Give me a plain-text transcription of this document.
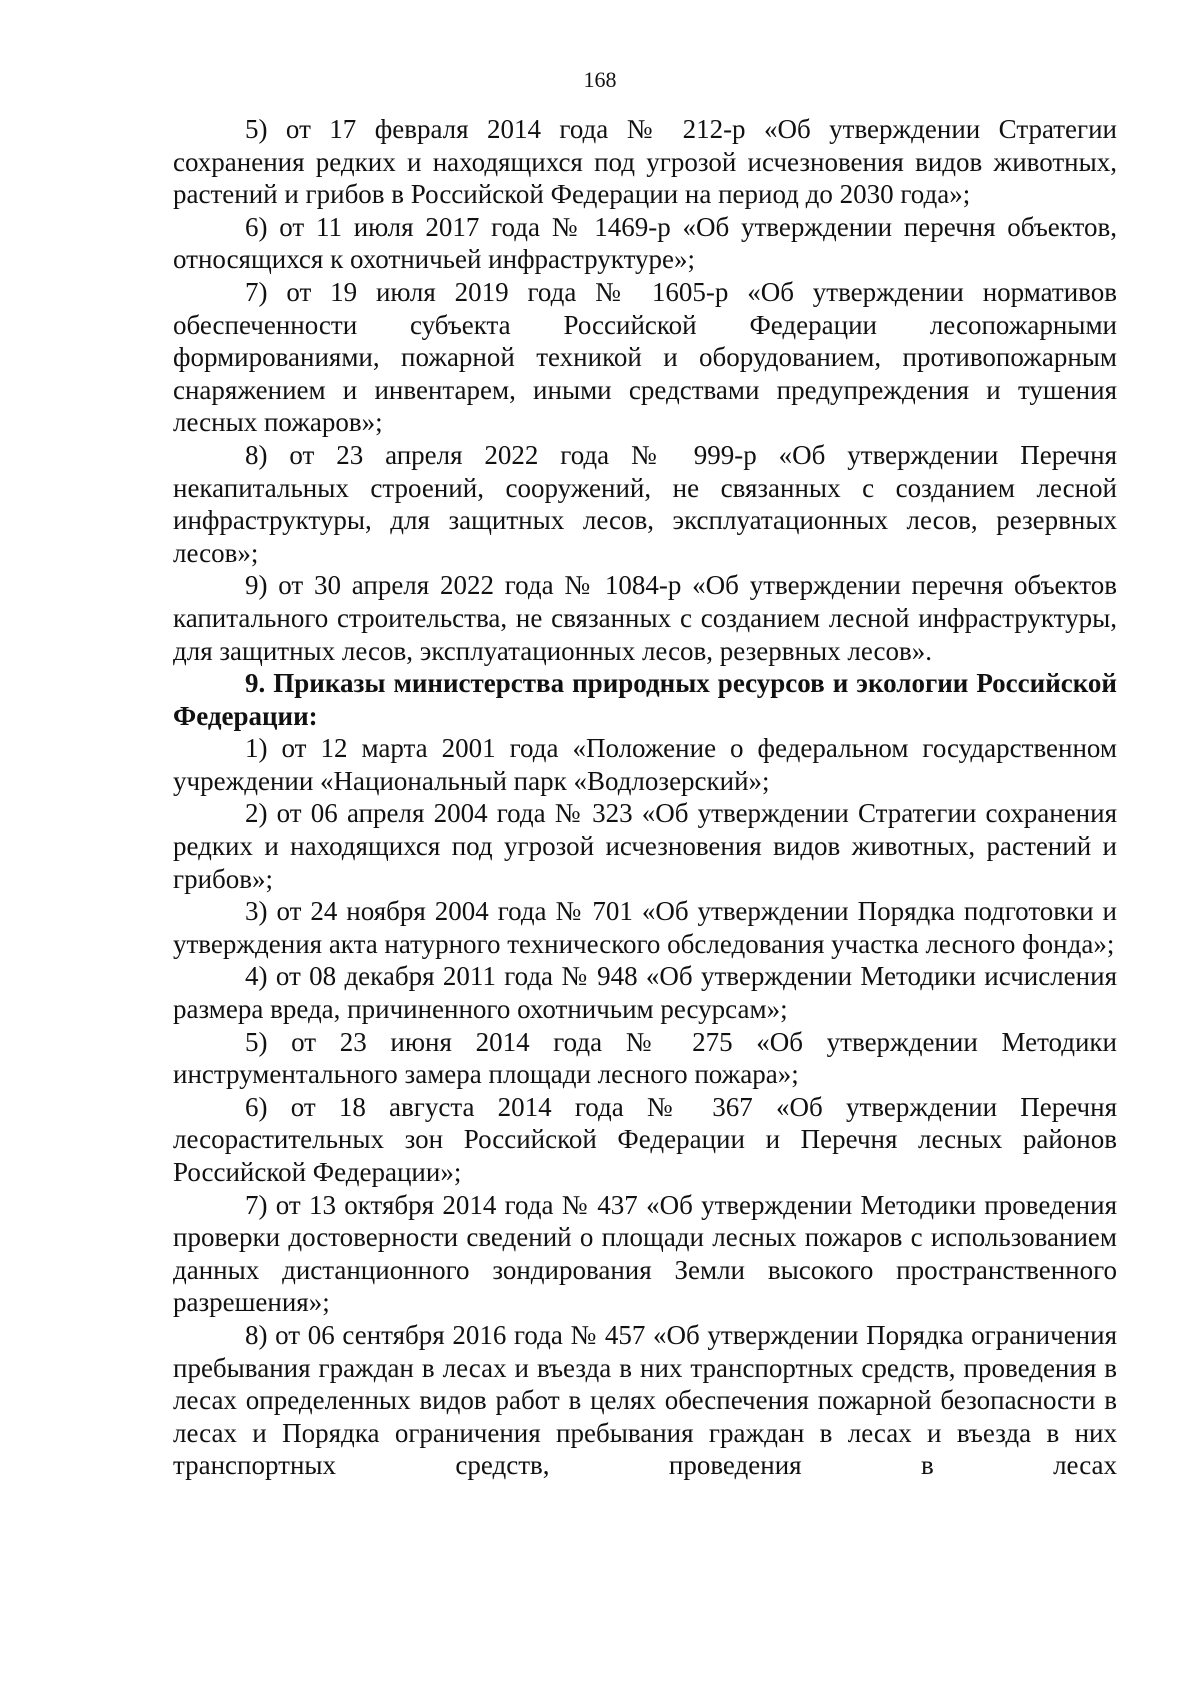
168

5) от 17 февраля 2014 года № 212-р «Об утверждении Стратегии сохранения редких и находящихся под угрозой исчезновения видов животных, растений и грибов в Российской Федерации на период до 2030 года»;

6) от 11 июля 2017 года № 1469-р «Об утверждении перечня объектов, относящихся к охотничьей инфраструктуре»;

7) от 19 июля 2019 года № 1605-р «Об утверждении нормативов обеспеченности субъекта Российской Федерации лесопожарными формированиями, пожарной техникой и оборудованием, противопожарным снаряжением и инвентарем, иными средствами предупреждения и тушения лесных пожаров»;

8) от 23 апреля 2022 года № 999-р «Об утверждении Перечня некапитальных строений, сооружений, не связанных с созданием лесной инфраструктуры, для защитных лесов, эксплуатационных лесов, резервных лесов»;

9) от 30 апреля 2022 года № 1084-р «Об утверждении перечня объектов капитального строительства, не связанных с созданием лесной инфраструктуры, для защитных лесов, эксплуатационных лесов, резервных лесов».

9. Приказы министерства природных ресурсов и экологии Российской Федерации:

1) от 12 марта 2001 года «Положение о федеральном государственном учреждении «Национальный парк «Водлозерский»;

2) от 06 апреля 2004 года № 323 «Об утверждении Стратегии сохранения редких и находящихся под угрозой исчезновения видов животных, растений и грибов»;

3) от 24 ноября 2004 года № 701 «Об утверждении Порядка подготовки и утверждения акта натурного технического обследования участка лесного фонда»;

4) от 08 декабря 2011 года № 948 «Об утверждении Методики исчисления размера вреда, причиненного охотничьим ресурсам»;

5) от 23 июня 2014 года № 275 «Об утверждении Методики инструментального замера площади лесного пожара»;

6) от 18 августа 2014 года № 367 «Об утверждении Перечня лесорастительных зон Российской Федерации и Перечня лесных районов Российской Федерации»;

7) от 13 октября 2014 года № 437 «Об утверждении Методики проведения проверки достоверности сведений о площади лесных пожаров с использованием данных дистанционного зондирования Земли высокого пространственного разрешения»;

8) от 06 сентября 2016 года № 457 «Об утверждении Порядка ограничения пребывания граждан в лесах и въезда в них транспортных средств, проведения в лесах определенных видов работ в целях обеспечения пожарной безопасности в лесах и Порядка ограничения пребывания граждан в лесах и въезда в них транспортных средств, проведения в лесах
